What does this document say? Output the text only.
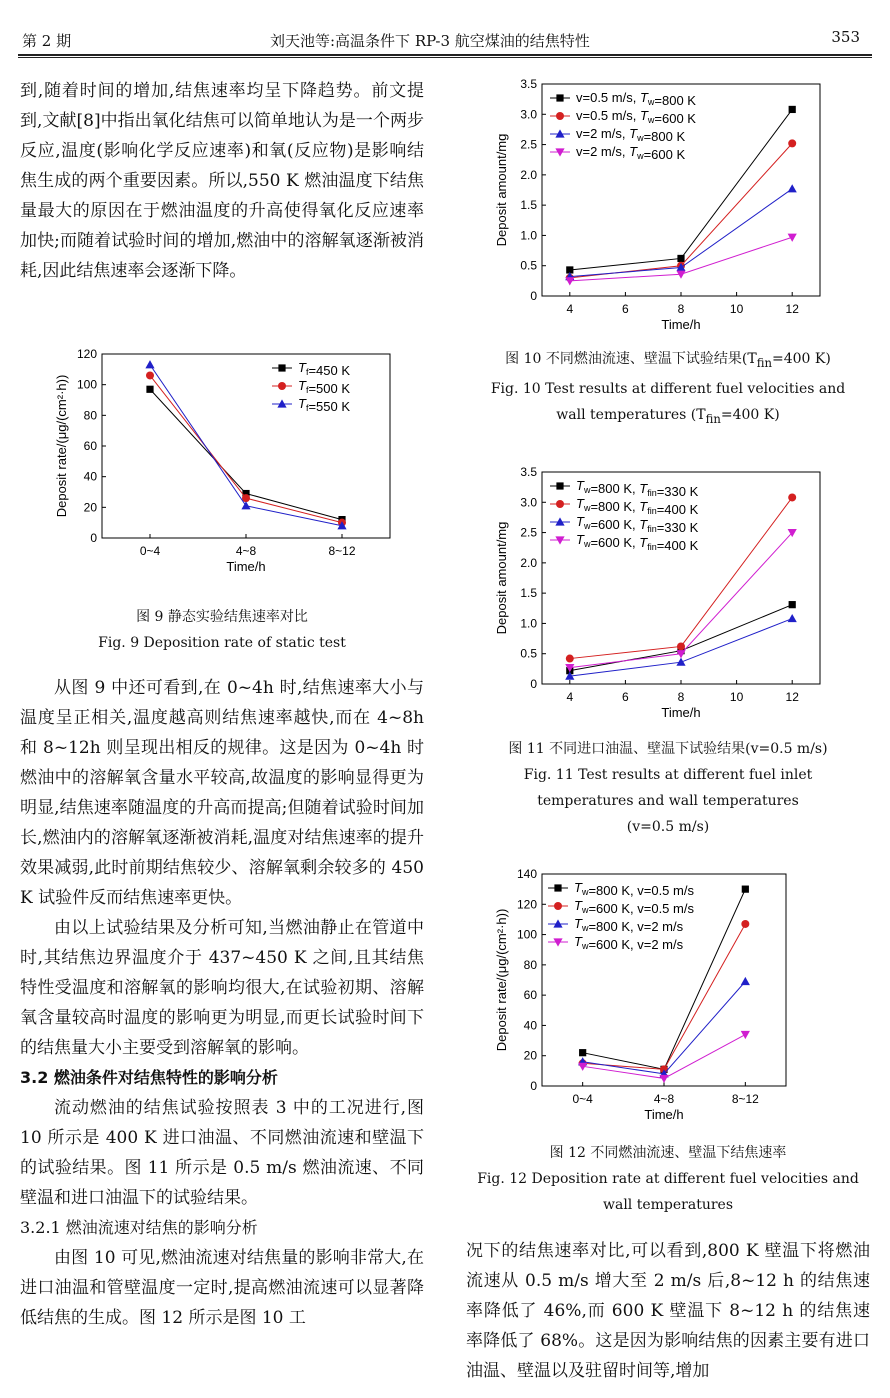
第 2 期	刘天池等:高温条件下 RP-3 航空煤油的结焦特性	353

到,随着时间的增加,结焦速率均呈下降趋势。前文提到,文献[8]中指出氧化结焦可以简单地认为是一个两步反应,温度(影响化学反应速率)和氧(反应物)是影响结焦生成的两个重要因素。所以,550 K 燃油温度下结焦量最大的原因在于燃油温度的升高使得氧化反应速率加快;而随着试验时间的增加,燃油中的溶解氧逐渐被消耗,因此结焦速率会逐渐下降。

0
20
40
60
80
100
120
0~4	4~8	8~12
Time/h
Deposit rate/(μg/(cm²·h))
$T_f=450$ K
$T_f=500$ K
$T_f=550$ K
图 9 静态实验结焦速率对比
Fig. 9 Deposition rate of static test

从图 9 中还可看到,在 0~4h 时,结焦速率大小与温度呈正相关,温度越高则结焦速率越快,而在 4~8h 和 8~12h 则呈现出相反的规律。这是因为 0~4h 时燃油中的溶解氧含量水平较高,故温度的影响显得更为明显,结焦速率随温度的升高而提高;但随着试验时间加长,燃油内的溶解氧逐渐被消耗,温度对结焦速率的提升效果减弱,此时前期结焦较少、溶解氧剩余较多的 450 K 试验件反而结焦速率更快。

由以上试验结果及分析可知,当燃油静止在管道中时,其结焦边界温度介于 437~450 K 之间,且其结焦特性受温度和溶解氧的影响均很大,在试验初期、溶解氧含量较高时温度的影响更为明显,而更长试验时间下的结焦量大小主要受到溶解氧的影响。

3.2 燃油条件对结焦特性的影响分析

流动燃油的结焦试验按照表 3 中的工况进行,图 10 所示是 400 K 进口油温、不同燃油流速和壁温下的试验结果。图 11 所示是 0.5 m/s 燃油流速、不同壁温和进口油温下的试验结果。

3.2.1 燃油流速对结焦的影响分析

由图 10 可见,燃油流速对结焦量的影响非常大,在进口油温和管壁温度一定时,提高燃油流速可以显著降低结焦的生成。图 12 所示是图 10 工

0
0.5
1.0
1.5
2.0
2.5
3.0
3.5
4	6	8	10	12
Time/h
Deposit amount/mg
v=0.5 m/s, $T_w=800$ K
v=0.5 m/s, $T_w=600$ K
v=2 m/s, $T_w=800$ K
v=2 m/s, $T_w=600$ K
图 10 不同燃油流速、壁温下试验结果($T_{fin}=400$ K)
Fig. 10 Test results at different fuel velocities and
wall temperatures ($T_{fin}=400$ K)
0
0.5
1.0
1.5
2.0
2.5
3.0
3.5
4	6	8	10	12
Time/h
Deposit amount/mg
$T_w=800$ K, $T_{fin}=330$ K
$T_w=800$ K, $T_{fin}=400$ K
$T_w=600$ K, $T_{fin}=330$ K
$T_w=600$ K, $T_{fin}=400$ K
图 11 不同进口油温、壁温下试验结果(v=0.5 m/s)
Fig. 11 Test results at different fuel inlet
temperatures and wall temperatures
(v=0.5 m/s)
0
20
40
60
80
100
120
140
0~4	4~8	8~12
Time/h
Deposit rate/(μg/(cm²·h))
$T_w=800$ K, v=0.5 m/s
$T_w=600$ K, v=0.5 m/s
$T_w=800$ K, v=2 m/s
$T_w=600$ K, v=2 m/s
图 12 不同燃油流速、壁温下结焦速率
Fig. 12 Deposition rate at different fuel velocities and
wall temperatures

况下的结焦速率对比,可以看到,800 K 壁温下将燃油流速从 0.5 m/s 增大至 2 m/s 后,8~12 h 的结焦速率降低了 46%,而 600 K 壁温下 8~12 h 的结焦速率降低了 68%。这是因为影响结焦的因素主要有进口油温、壁温以及驻留时间等,增加
